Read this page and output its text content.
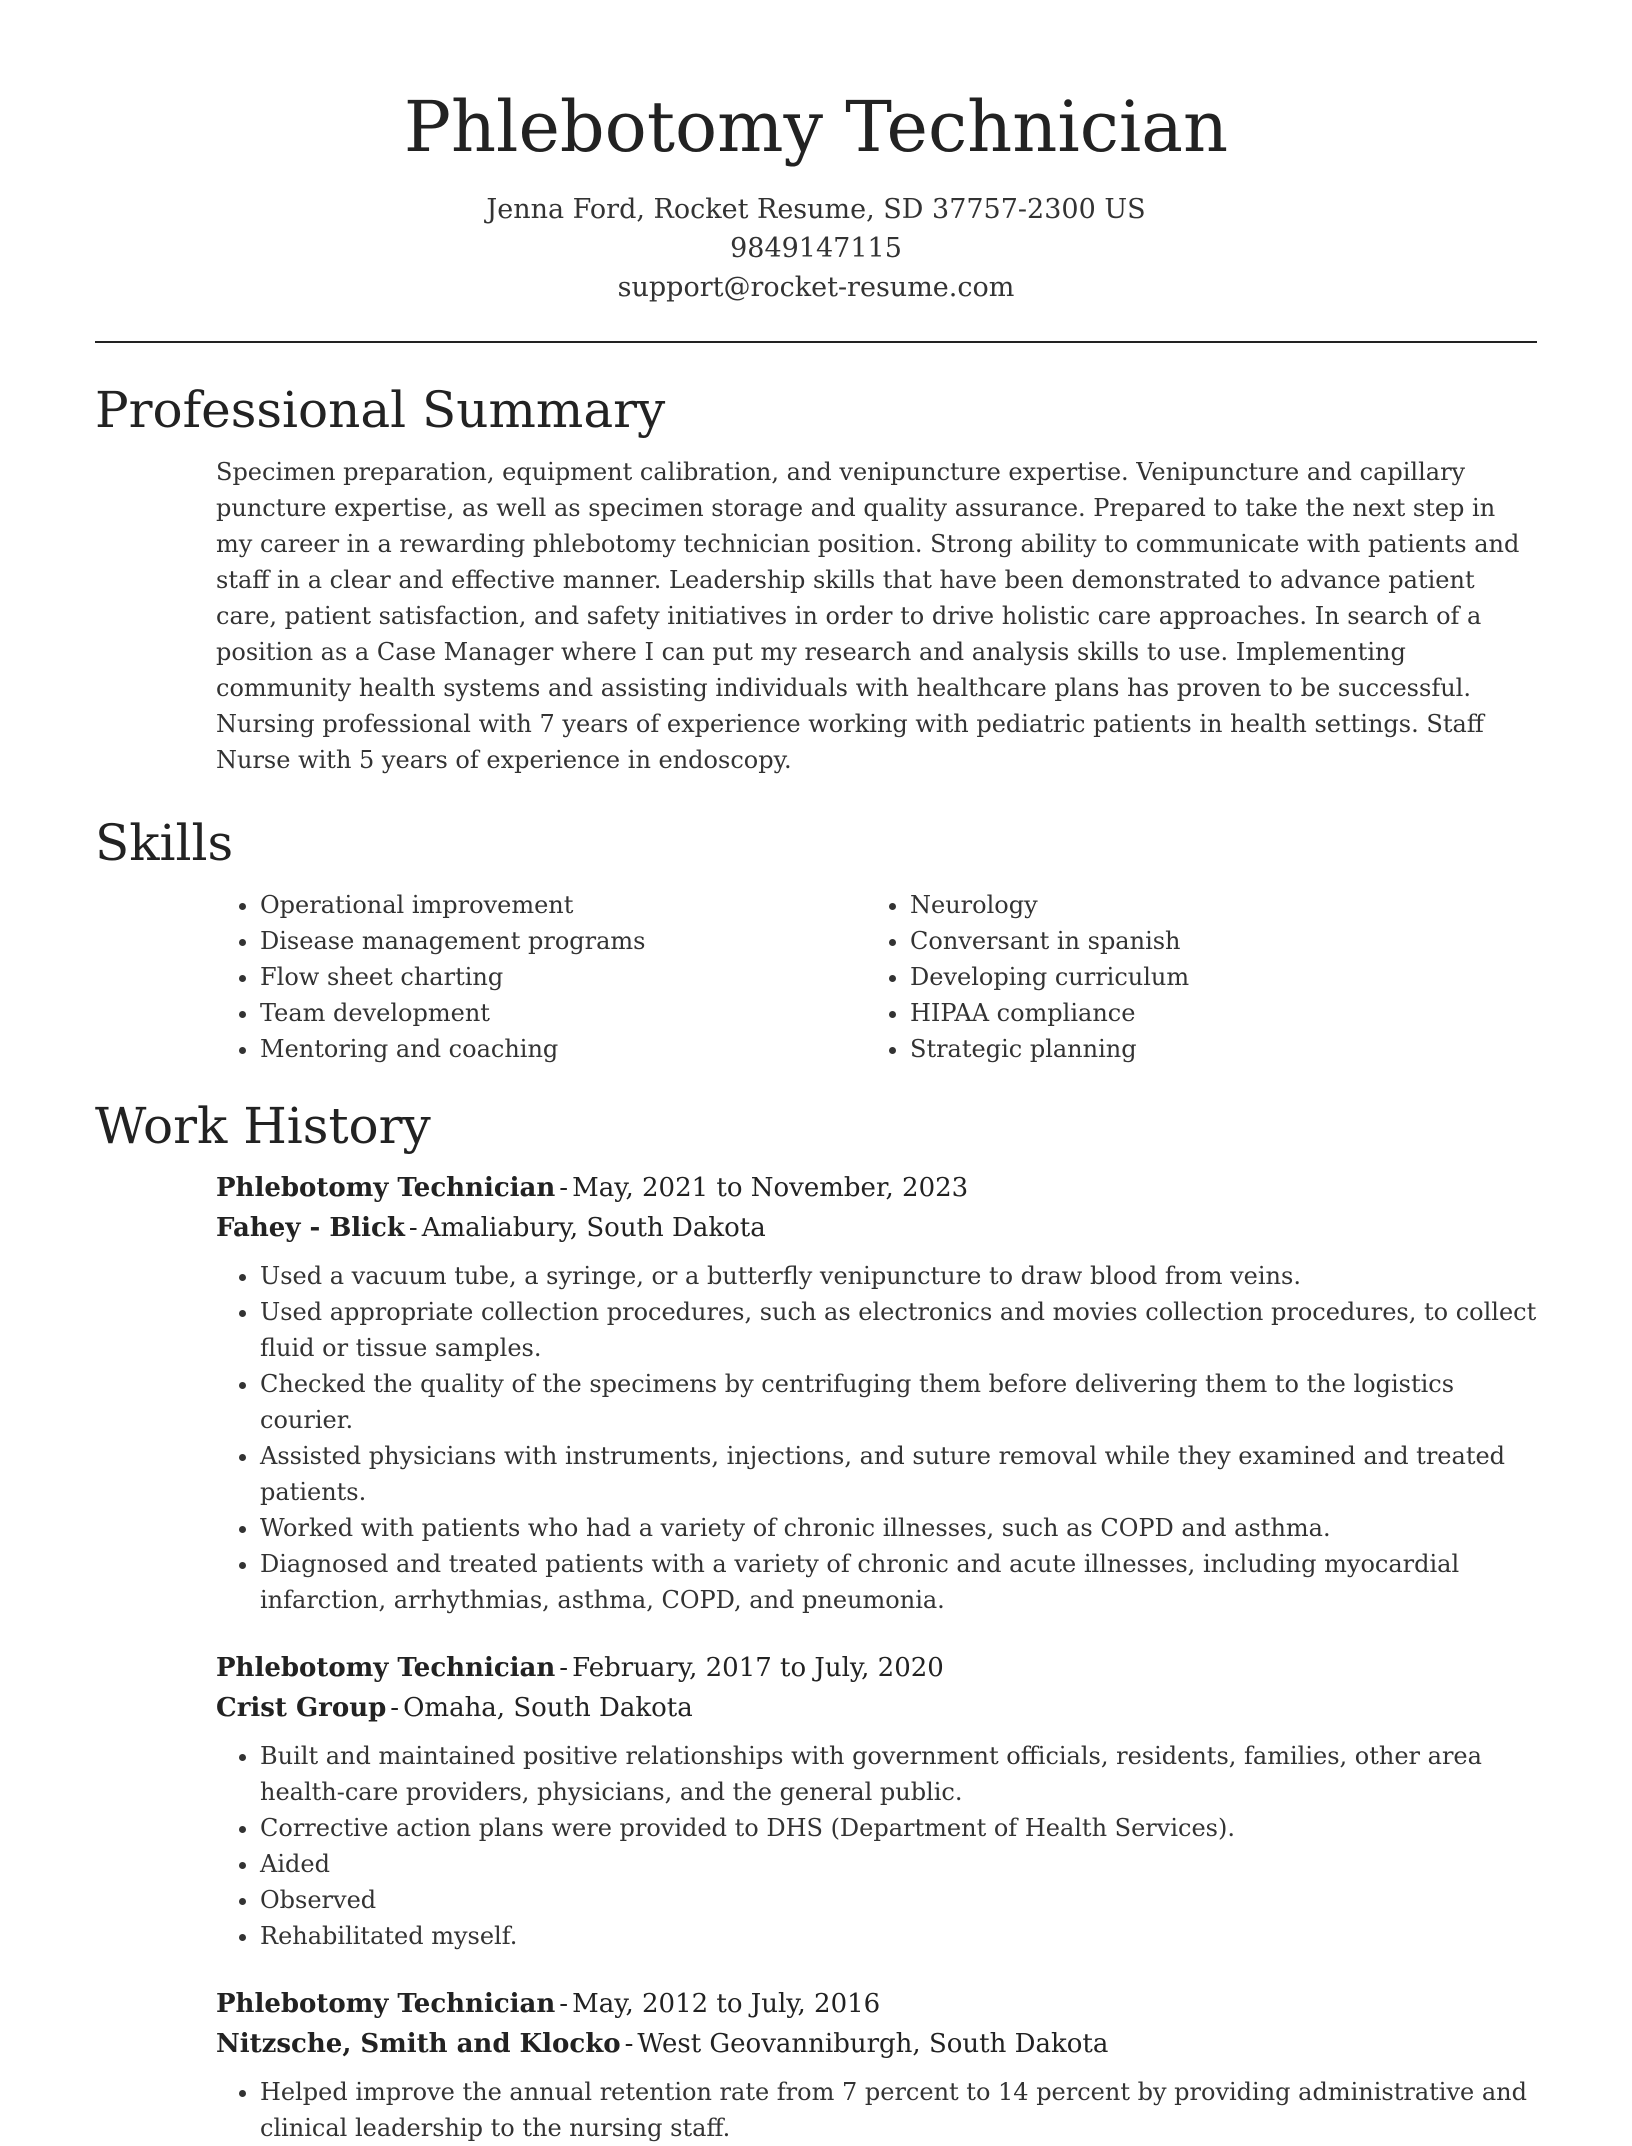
Phlebotomy Technician
Jenna Ford, Rocket Resume, SD 37757-2300 US
9849147115
support@rocket-resume.com
Professional Summary
Specimen preparation, equipment calibration, and venipuncture expertise. Venipuncture and capillary puncture expertise, as well as specimen storage and quality assurance. Prepared to take the next step in my career in a rewarding phlebotomy technician position. Strong ability to communicate with patients and staff in a clear and effective manner. Leadership skills that have been demonstrated to advance patient care, patient satisfaction, and safety initiatives in order to drive holistic care approaches. In search of a position as a Case Manager where I can put my research and analysis skills to use. Implementing community health systems and assisting individuals with healthcare plans has proven to be successful. Nursing professional with 7 years of experience working with pediatric patients in health settings. Staff Nurse with 5 years of experience in endoscopy.
Skills
• Operational improvement
• Disease management programs
• Flow sheet charting
• Team development
• Mentoring and coaching
• Neurology
• Conversant in spanish
• Developing curriculum
• HIPAA compliance
• Strategic planning
Work History
Phlebotomy Technician - May, 2021 to November, 2023
Fahey - Blick - Amaliabury, South Dakota
• Used a vacuum tube, a syringe, or a butterfly venipuncture to draw blood from veins.
• Used appropriate collection procedures, such as electronics and movies collection procedures, to collect fluid or tissue samples.
• Checked the quality of the specimens by centrifuging them before delivering them to the logistics courier.
• Assisted physicians with instruments, injections, and suture removal while they examined and treated patients.
• Worked with patients who had a variety of chronic illnesses, such as COPD and asthma.
• Diagnosed and treated patients with a variety of chronic and acute illnesses, including myocardial infarction, arrhythmias, asthma, COPD, and pneumonia.
Phlebotomy Technician - February, 2017 to July, 2020
Crist Group - Omaha, South Dakota
• Built and maintained positive relationships with government officials, residents, families, other area health-care providers, physicians, and the general public.
• Corrective action plans were provided to DHS (Department of Health Services).
• Aided
• Observed
• Rehabilitated myself.
Phlebotomy Technician - May, 2012 to July, 2016
Nitzsche, Smith and Klocko - West Geovanniburgh, South Dakota
• Helped improve the annual retention rate from 7 percent to 14 percent by providing administrative and clinical leadership to the nursing staff.
